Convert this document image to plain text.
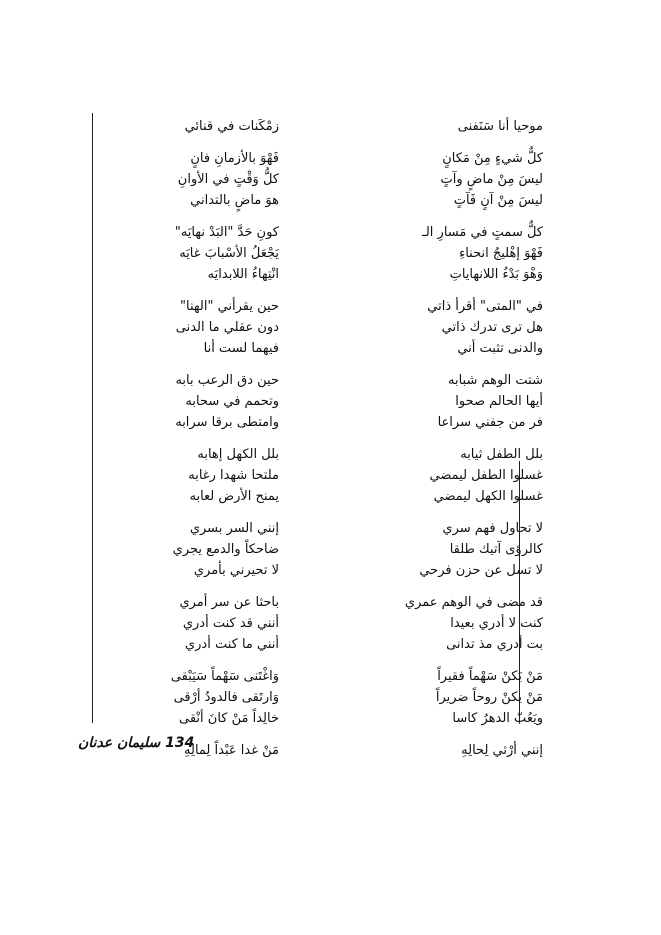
موحيا أنا سَنَفنى
كلٌّ شيءٍ مِنْ مَكانٍ
ليسَ مِنْ ماضٍ وآتٍ
ليسَ مِنْ آنٍ فَآتٍ
كلٌّ سمتٍ في مَسارِ الـ
فَهْوَ إهْليجُ انحناءِ
وَهْوَ بَدْءُ اللانهاياتِ
في "المتى" أقرأ ذاتي
هل ترى تدرك ذاتي
والدنى تثبت أني
شتت الوهم شبابه
أيها الحالم صحوا
فر من جفني سراعا
بلل الطفل ثيابه
غسلوا الطفل ليمضي
غسلوا الكهل ليمضي
لا تحاول فهم سري
كالرؤى آتيك طلقا
لا تسل عن حزن فرحي
قد مضى في الوهم عمري
كنت لا أدري بعيدا
بت أدري مذ تدانى
مَنْ يَكنْ سَهْماً فقيراً
مَنْ يكنْ روحاً ضريراً
ويَعُبّ الدهرُ كاسا
إنني أرْثي لِحالِهِ
زمْكَنات في قنائي
فَهْوَ بالأزمانِ فانٍ
كلُّ وَقْتٍ في الأوانِ
هوَ ماضٍ بالتداني
كونِ حَدَّ "البَدْ نهايَه"
يَجْعَلُ الأسْبابَ غايَه
انْتِهاءُ اللابدايَه
حين يقرأني "الهنا"
دون عقلي ما الدنى
فيهما لست أنا
حين دق الرعب بابه
وتحمم في سحابه
وامتطى برقا سرابه
بلل الكهل إهابه
ملتحا شهدا رغابه
يمنح الأرض لعابه
إنني السر بسري
ضاحكاً والدمع يجري
لا تحيرني بأمري
باحثا عن سر أمري
أنني قد كنت أدري
أنني ما كنت أدري
وَاغْتَنى سَهْماً سَيَبْقى
وَارتَقى فالدودُ أرْقى
خالِداً مَنْ كانَ أنْقى
مَنْ غدا عَبْداً لِمالِهِ
134 سليمان عدنان
